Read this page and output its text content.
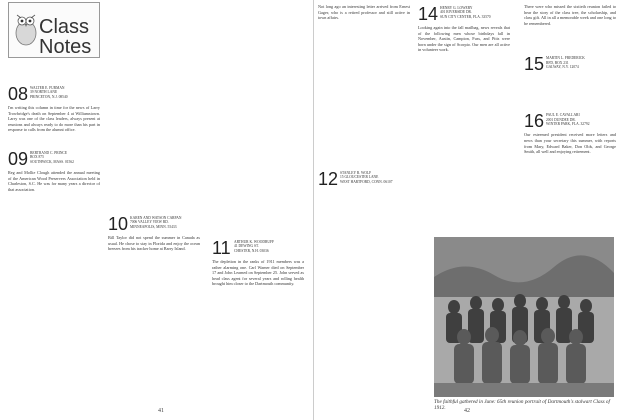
Class
Notes
08 WALTER E. FURMAN
39 NORTH LANE
PRINCETON, N.J. 08540
I'm writing this column in time for the news of Larry Trowbridge's death on September 4 at Williamstown. Larry was one of the class leaders, always present at reunions and always ready to do more than his part in response to calls from the alumni office.
09 BERTRAND C. PRINCE
BOX 875
SOUTHWICK, MASS. 01562
Reg and Mollie Clough attended the annual meeting of the American Wood Preservers Association held in Charleston, S.C. He was for many years a director of that association.
10 KAREN AND WATSON CARPAN
7006 VALLEY VIEW RD.
MINNEAPOLIS, MINN. 55433
Bill Taylor did not spend the summer in Canada as usual. He chose to stay in Florida and enjoy the ocean breezes from his tracker home at Barry Island.	11 ARTHUR K. WOODRUFF
41 DEWING ST.
CHESTER, N.H. 03036
The depletion in the ranks of 1911 members was a rather alarming one. Carl Warner died on September 17 and John Learned on September 25. John served as head class agent for several years and rolling health brought him closer to the Dartmouth community.
41
Not long ago an interesting letter arrived from Ernest Gager, who is a retired professor and still active in town affairs.
12 STANLEY R. WOLF
15 GLOUCESTER LANE
WEST HARTFORD, CONN. 06107
14 HENRY G. LOWERY
401 RIVERSIDE DR.
SUN CITY CENTER, FLA. 33570
Looking again into the fall mailbag, news reveals that of the following men whose birthdays fall in November, Austin, Campion, Fuss, and Pitts were born under the sign of Scorpio. Our men are all active in volunteer work.
There were who missed the sixtieth reunion failed to hear the story of the class tree, the scholarship, and class gift. All in all a memorable week and one long to be remembered.
15 MARTIN L. FREDERICK
RFD, BOX 231
GALWAY, N.Y. 12074
16 PAUL E. CAVALLARI
2001 DUNDEE DR.
WINTER PARK, FLA. 32792
Our esteemed president received more letters and news than your secretary this summer, with reports from Mary, Edward Baker, Don Olds, and George Smith, all well and enjoying retirement.
42
The faithful gathered in June: 65th reunion portrait of Dartmouth's stalwart Class of 1912.
